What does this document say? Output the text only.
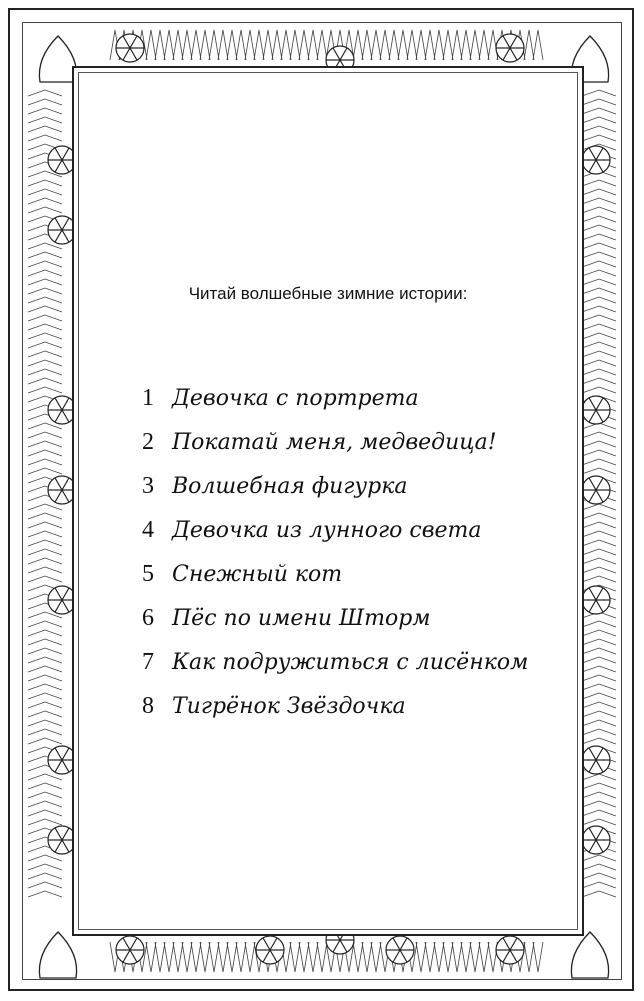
Читай волшебные зимние истории:
1 Девочка с портрета
2 Покатай меня, медведица!
3 Волшебная фигурка
4 Девочка из лунного света
5 Снежный кот
6 Пёс по имени Шторм
7 Как подружиться с лисёнком
8 Тигрёнок Звёздочка
